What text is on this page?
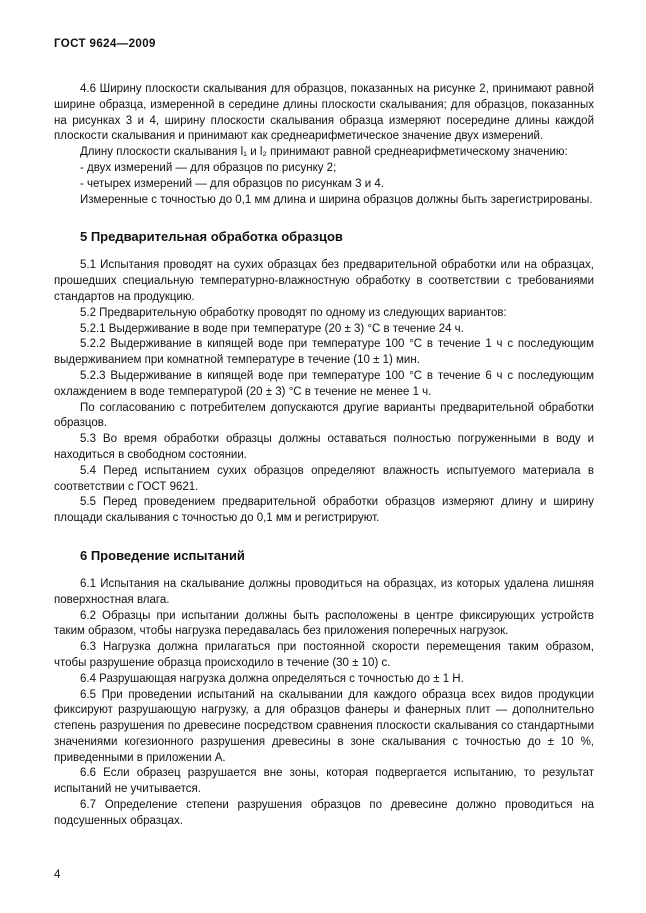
ГОСТ 9624—2009

4.6 Ширину плоскости скалывания для образцов, показанных на рисунке 2, принимают равной ширине образца, измеренной в середине длины плоскости скалывания; для образцов, показанных на рисунках 3 и 4, ширину плоскости скалывания образца измеряют посередине длины каждой плоскости скалывания и принимают как среднеарифметическое значение двух измерений.

Длину плоскости скалывания l₁ и l₂ принимают равной среднеарифметическому значению:

- двух измерений — для образцов по рисунку 2;

- четырех измерений — для образцов по рисункам 3 и 4.

Измеренные с точностью до 0,1 мм длина и ширина образцов должны быть зарегистрированы.

5 Предварительная обработка образцов

5.1 Испытания проводят на сухих образцах без предварительной обработки или на образцах, прошедших специальную температурно-влажностную обработку в соответствии с требованиями стандартов на продукцию.

5.2 Предварительную обработку проводят по одному из следующих вариантов:

5.2.1 Выдерживание в воде при температуре (20 ± 3) °С в течение 24 ч.

5.2.2 Выдерживание в кипящей воде при температуре 100 °С в течение 1 ч с последующим выдерживанием при комнатной температуре в течение (10 ± 1) мин.

5.2.3 Выдерживание в кипящей воде при температуре 100 °С в течение 6 ч с последующим охлаждением в воде температурой (20 ± 3) °С в течение не менее 1 ч.

По согласованию с потребителем допускаются другие варианты предварительной обработки образцов.

5.3 Во время обработки образцы должны оставаться полностью погруженными в воду и находиться в свободном состоянии.

5.4 Перед испытанием сухих образцов определяют влажность испытуемого материала в соответствии с ГОСТ 9621.

5.5 Перед проведением предварительной обработки образцов измеряют длину и ширину площади скалывания с точностью до 0,1 мм и регистрируют.

6 Проведение испытаний

6.1 Испытания на скалывание должны проводиться на образцах, из которых удалена лишняя поверхностная влага.

6.2 Образцы при испытании должны быть расположены в центре фиксирующих устройств таким образом, чтобы нагрузка передавалась без приложения поперечных нагрузок.

6.3 Нагрузка должна прилагаться при постоянной скорости перемещения таким образом, чтобы разрушение образца происходило в течение (30 ± 10) с.

6.4 Разрушающая нагрузка должна определяться с точностью до ± 1 Н.

6.5 При проведении испытаний на скалывании для каждого образца всех видов продукции фиксируют разрушающую нагрузку, а для образцов фанеры и фанерных плит — дополнительно степень разрушения по древесине посредством сравнения плоскости скалывания со стандартными значениями когезионного разрушения древесины в зоне скалывания с точностью до ± 10 %, приведенными в приложении А.

6.6 Если образец разрушается вне зоны, которая подвергается испытанию, то результат испытаний не учитывается.

6.7 Определение степени разрушения образцов по древесине должно проводиться на подсушенных образцах.

4
